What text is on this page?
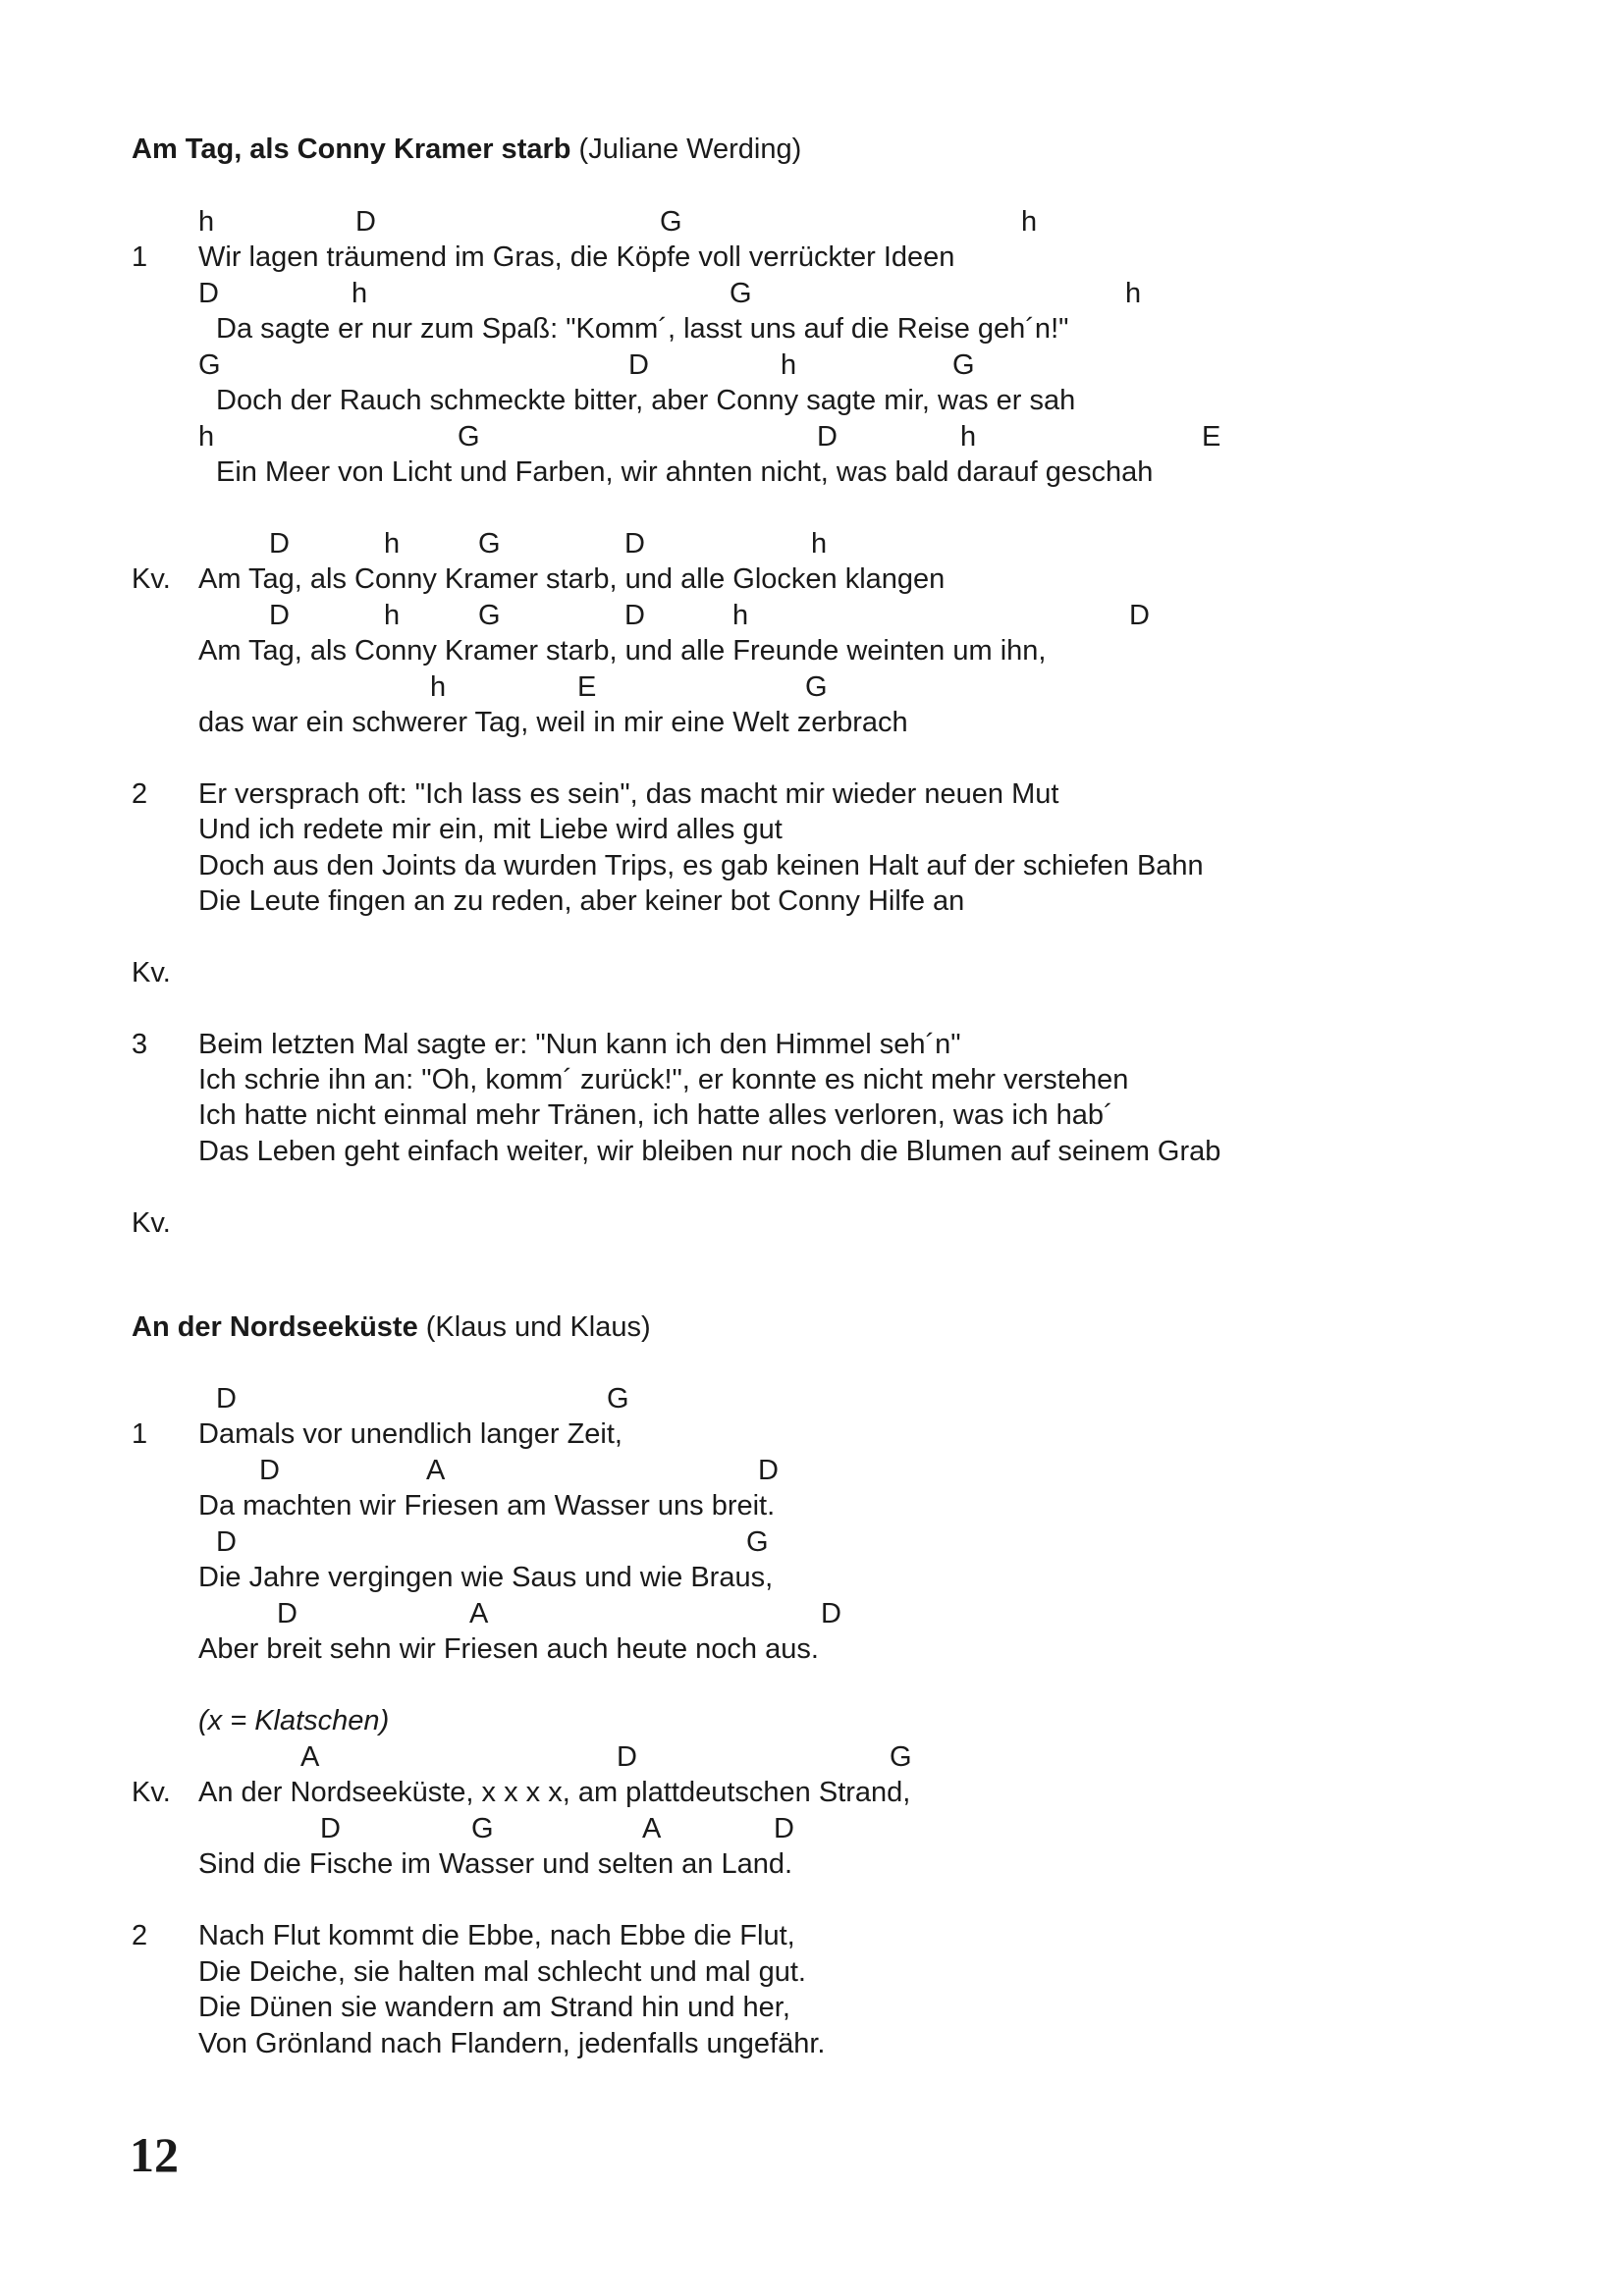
Am Tag, als Conny Kramer starb (Juliane Werding)
h	D	G	h
1 Wir lagen träumend im Gras, die Köpfe voll verrückter Ideen
D	h	G	h
Da sagte er nur zum Spaß: "Komm´, lasst uns auf die Reise geh´n!"
G	D	h	G
Doch der Rauch schmeckte bitter, aber Conny sagte mir, was er sah
h	G	D	h	E
Ein Meer von Licht und Farben, wir ahnten nicht, was bald darauf geschah
D	h	G	D	h
Kv. Am Tag, als Conny Kramer starb, und alle Glocken klangen
D	h	G	D	h	D
Am Tag, als Conny Kramer starb, und alle Freunde weinten um ihn,
h	E	G
das war ein schwerer Tag, weil in mir eine Welt zerbrach
2 Er versprach oft: "Ich lass es sein", das macht mir wieder neuen Mut
Und ich redete mir ein, mit Liebe wird alles gut
Doch aus den Joints da wurden Trips, es gab keinen Halt auf der schiefen Bahn
Die Leute fingen an zu reden, aber keiner bot Conny Hilfe an
Kv.
3 Beim letzten Mal sagte er: "Nun kann ich den Himmel seh´n"
Ich schrie ihn an: "Oh, komm´ zurück!", er konnte es nicht mehr verstehen
Ich hatte nicht einmal mehr Tränen, ich hatte alles verloren, was ich hab´
Das Leben geht einfach weiter, wir bleiben nur noch die Blumen auf seinem Grab
Kv.
An der Nordseeküste (Klaus und Klaus)
D	G
1 Damals vor unendlich langer Zeit,
D	A	D
Da machten wir Friesen am Wasser uns breit.
D	G
Die Jahre vergingen wie Saus und wie Braus,
D	A	D
Aber breit sehn wir Friesen auch heute noch aus.
(x = Klatschen)
A	D	G
Kv. An der Nordseeküste, x x x x, am plattdeutschen Strand,
D	G	A	D
Sind die Fische im Wasser und selten an Land.
2 Nach Flut kommt die Ebbe, nach Ebbe die Flut,
Die Deiche, sie halten mal schlecht und mal gut.
Die Dünen sie wandern am Strand hin und her,
Von Grönland nach Flandern, jedenfalls ungefähr.
12
